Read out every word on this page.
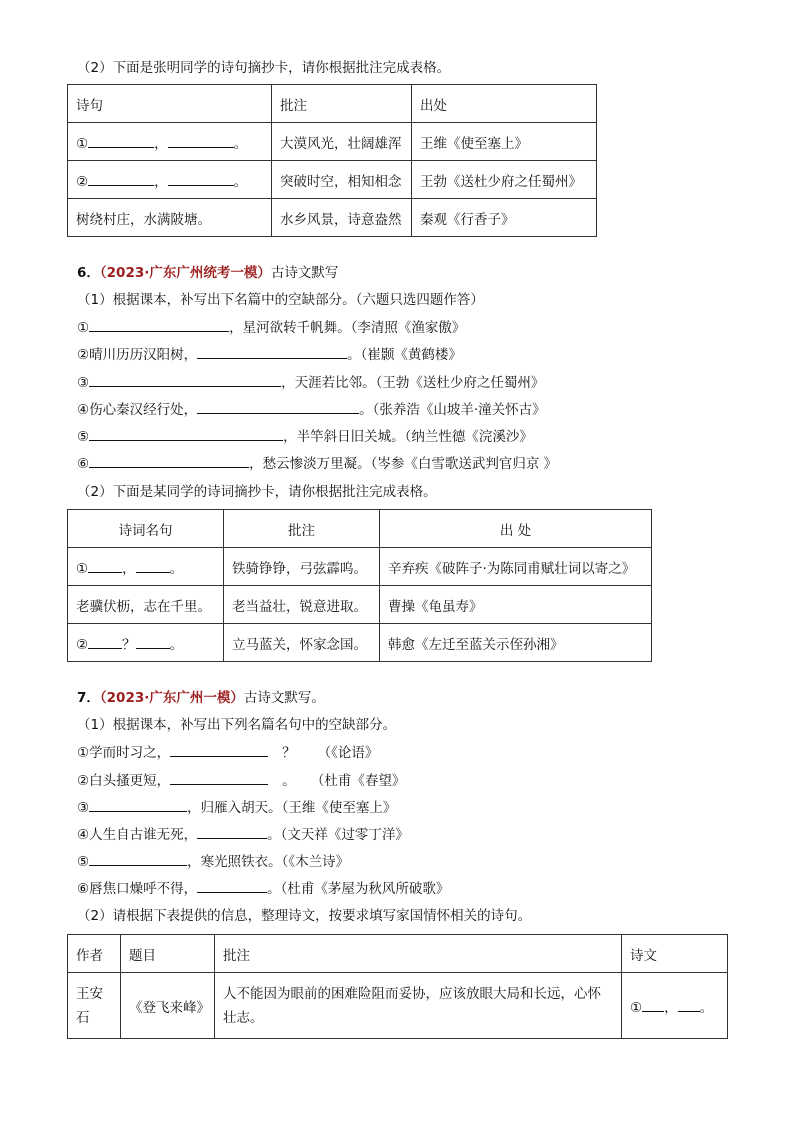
（2）下面是张明同学的诗句摘抄卡，请你根据批注完成表格。
诗句	批注	出处
① ， 。	大漠风光，壮阔雄浑	王维《使至塞上》
② ， 。	突破时空，相知相念	王勃《送杜少府之任蜀州》
树绕村庄，水满陂塘。	水乡风景，诗意盎然	秦观《行香子》
6．（2023·广东广州统考一模）古诗文默写
（1）根据课本，补写出下名篇中的空缺部分。（六题只选四题作答）
①	，星河欲转千帆舞。（李清照《渔家傲》
②晴川历历汉阳树，	。（崔颢《黄鹤楼》
③	，天涯若比邻。（王勃《送杜少府之任蜀州》
④伤心秦汉经行处，	。（张养浩《山坡羊·潼关怀古》
⑤	，半竿斜日旧关城。（纳兰性德《浣溪沙》
⑥	，愁云惨淡万里凝。（岑参《白雪歌送武判官归京 》
（2）下面是某同学的诗词摘抄卡，请你根据批注完成表格。
诗词名句	批注	出 处
① ， 。	铁骑铮铮，弓弦霹呜。	辛弃疾《破阵子·为陈同甫赋壮词以寄之》
老骥伏枥，志在千里。	老当益壮，锐意进取。	曹操《龟虽寿》
② ？ 。	立马蓝关，怀家念国。	韩愈《左迁至蓝关示侄孙湘》
7．（2023·广东广州一模）古诗文默写。
（1）根据课本，补写出下列名篇名句中的空缺部分。
①学而时习之，	？ （《论语》
②白头搔更短，	。 （杜甫《春望》
③	，归雁入胡天。（王维《使至塞上》
④人生自古谁无死，	。（文天祥《过零丁洋》
⑤	，寒光照铁衣。（《木兰诗》
⑥唇焦口燥呼不得，	。（杜甫《茅屋为秋风所破歌》
（2）请根据下表提供的信息，整理诗文，按要求填写家国情怀相关的诗句。
作者	题目	批注	诗文
王安石	《登飞来峰》	人不能因为眼前的困难险阻而妥协，应该放眼大局和长远，心怀壮志。	① ， 。
